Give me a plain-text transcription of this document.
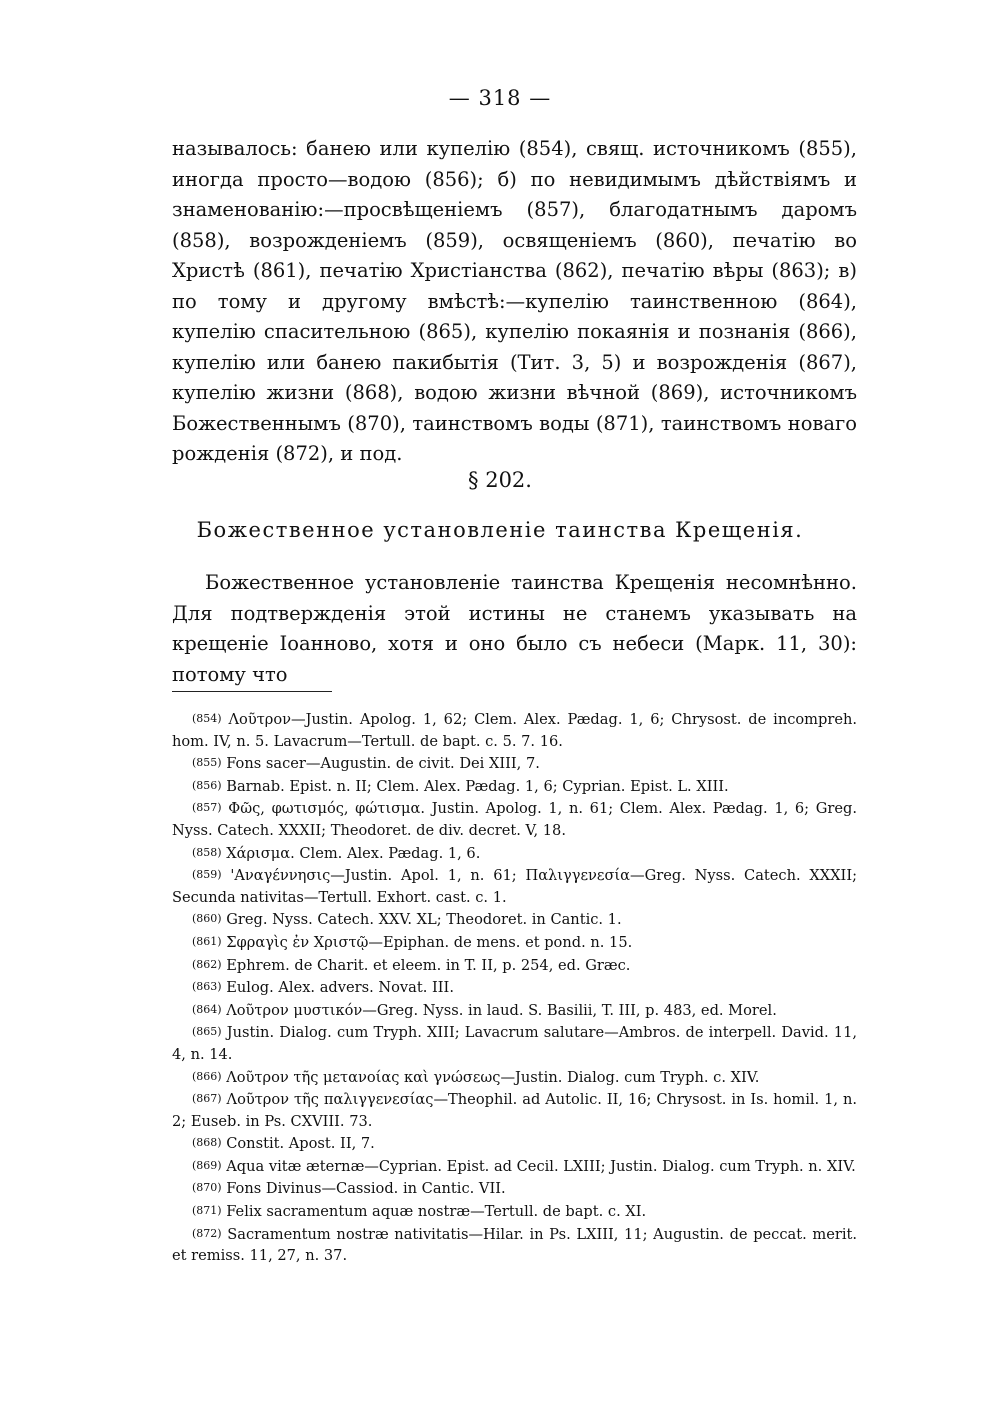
— 318 —
называлось: банею или купелію (854), свящ. источникомъ (855), иногда просто—водою (856); б) по невидимымъ дѣйствіямъ и знаменованію:—просвѣщеніемъ (857), благодатнымъ даромъ (858), возрожденіемъ (859), освященіемъ (860), печатію во Христѣ (861), печатію Христіанства (862), печатію вѣры (863); в) по тому и другому вмѣстѣ:—купелію таинственною (864), купелію спасительною (865), купелію покаянія и познанія (866), купелію или банею пакибытія (Тит. 3, 5) и возрожденія (867), купелію жизни (868), водою жизни вѣчной (869), источникомъ Божественнымъ (870), таинствомъ воды (871), таинствомъ новаго рожденія (872), и под.
§ 202.
Божественное установленіе таинства Крещенія.
Божественное установленіе таинства Крещенія несомнѣнно. Для подтвержденія этой истины не станемъ указывать на крещеніе Іоанново, хотя и оно было съ небеси (Марк. 11, 30): потому что
(854) Λοῦτρον—Justin. Apolog. 1, 62; Clem. Alex. Pædag. 1, 6; Chrysost. de incompreh. hom. IV, n. 5. Lavacrum—Tertull. de bapt. c. 5. 7. 16.
(855) Fons sacer—Augustin. de civit. Dei XIII, 7.
(856) Barnab. Epist. n. II; Clem. Alex. Pædag. 1, 6; Cyprian. Epist. L. XIII.
(857) Φῶς, φωτισμός, φώτισμα. Justin. Apolog. 1, n. 61; Clem. Alex. Pædag. 1, 6; Greg. Nyss. Catech. XXXII; Theodoret. de div. decret. V, 18.
(858) Χάρισμα. Clem. Alex. Pædag. 1, 6.
(859) 'Αναγέννησις—Justin. Apol. 1, n. 61; Παλιγγενεσία—Greg. Nyss. Catech. XXXII; Secunda nativitas—Tertull. Exhort. cast. c. 1.
(860) Greg. Nyss. Catech. XXV. XL; Theodoret. in Cantic. 1.
(861) Σφραγὶς ἐν Χριστῷ—Epiphan. de mens. et pond. n. 15.
(862) Ephrem. de Charit. et eleem. in T. II, p. 254, ed. Græc.
(863) Eulog. Alex. advers. Novat. III.
(864) Λοῦτρον μυστικόν—Greg. Nyss. in laud. S. Basilii, T. III, p. 483, ed. Morel.
(865) Justin. Dialog. cum Tryph. XIII; Lavacrum salutare—Ambros. de interpell. David. 11, 4, n. 14.
(866) Λοῦτρον τῆς μετανοίας καὶ γνώσεως—Justin. Dialog. cum Tryph. c. XIV.
(867) Λοῦτρον τῆς παλιγγενεσίας—Theophil. ad Autolic. II, 16; Chrysost. in Is. homil. 1, n. 2; Euseb. in Ps. CXVIII. 73.
(868) Constit. Apost. II, 7.
(869) Aqua vitæ æternæ—Cyprian. Epist. ad Cecil. LXIII; Justin. Dialog. cum Tryph. n. XIV.
(870) Fons Divinus—Cassiod. in Cantic. VII.
(871) Felix sacramentum aquæ nostræ—Tertull. de bapt. c. XI.
(872) Sacramentum nostræ nativitatis—Hilar. in Ps. LXIII, 11; Augustin. de peccat. merit. et remiss. 11, 27, n. 37.
